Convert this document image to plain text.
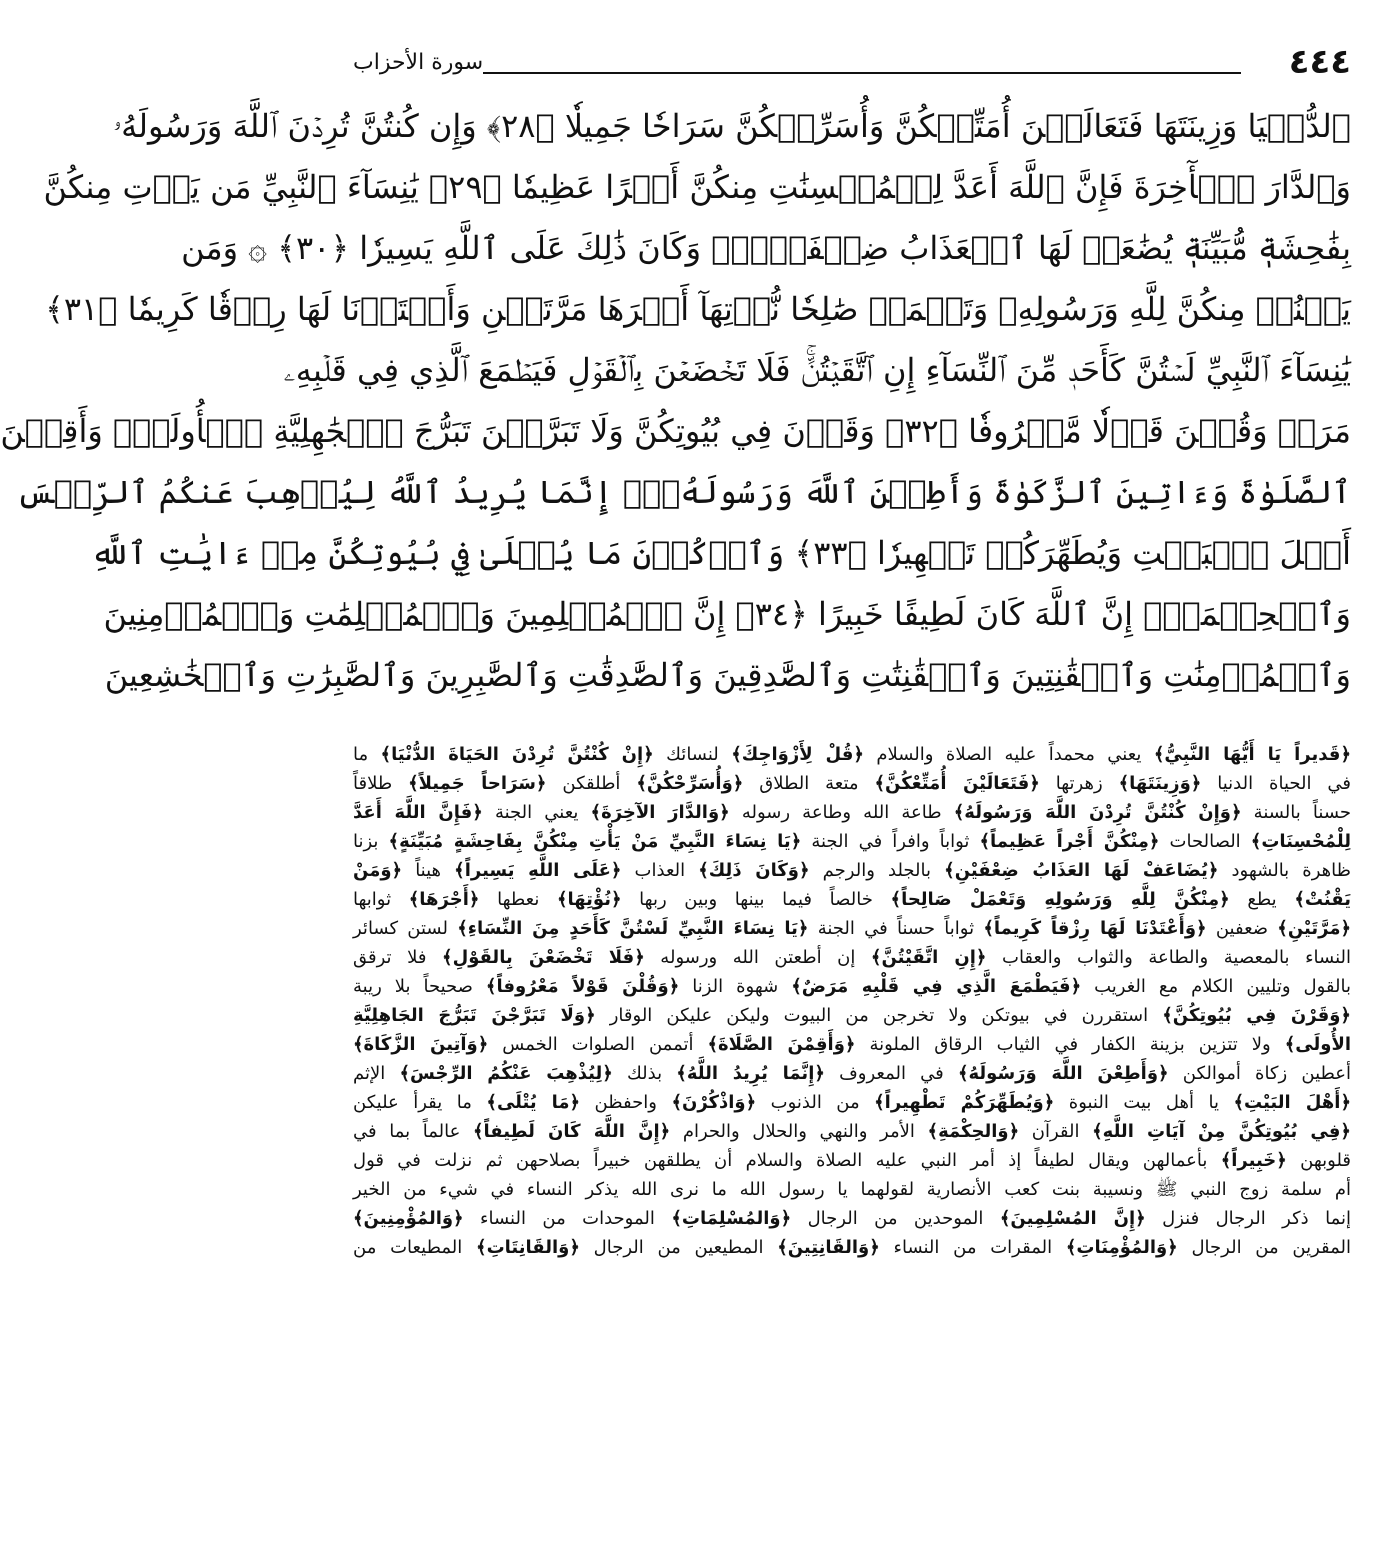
٤٤٤
سورة الأحزاب
ٱلدُّنۡيَا وَزِينَتَهَا فَتَعَالَيۡنَ أُمَتِّعۡكُنَّ وَأُسَرِّحۡكُنَّ سَرَاحٗا جَمِيلٗا ﴿٢٨﴾ وَإِن كُنتُنَّ تُرِدۡنَ ٱللَّهَ وَرَسُولَهُۥ
وَٱلدَّارَ ٱلۡأٓخِرَةَ فَإِنَّ ٱللَّهَ أَعَدَّ لِلۡمُحۡسِنَٰتِ مِنكُنَّ أَجۡرًا عَظِيمٗا ﴿٢٩﴾ يَٰنِسَآءَ ٱلنَّبِيِّ مَن يَأۡتِ مِنكُنَّ
بِفَٰحِشَةٖ مُّبَيِّنَةٖ يُضَٰعَفۡ لَهَا ٱلۡعَذَابُ ضِعۡفَيۡنِۚ وَكَانَ ذَٰلِكَ عَلَى ٱللَّهِ يَسِيرٗا ﴿٣٠﴾ ۞ وَمَن
يَقۡنُتۡ مِنكُنَّ لِلَّهِ وَرَسُولِهِۦ وَتَعۡمَلۡ صَٰلِحٗا نُّؤۡتِهَآ أَجۡرَهَا مَرَّتَيۡنِ وَأَعۡتَدۡنَا لَهَا رِزۡقٗا كَرِيمٗا ﴿٣١﴾
يَٰنِسَآءَ ٱلنَّبِيِّ لَسۡتُنَّ كَأَحَدٖ مِّنَ ٱلنِّسَآءِ إِنِ ٱتَّقَيۡتُنَّۚ فَلَا تَخۡضَعۡنَ بِٱلۡقَوۡلِ فَيَطۡمَعَ ٱلَّذِي فِي قَلۡبِهِۦ
مَرَضٞ وَقُلۡنَ قَوۡلٗا مَّعۡرُوفٗا ﴿٣٢﴾ وَقَرۡنَ فِي بُيُوتِكُنَّ وَلَا تَبَرَّجۡنَ تَبَرُّجَ ٱلۡجَٰهِلِيَّةِ ٱلۡأُولَىٰۖ وَأَقِمۡنَ
ٱلصَّلَوٰةَ وَءَاتِينَ ٱلزَّكَوٰةَ وَأَطِعۡنَ ٱللَّهَ وَرَسُولَهُۥٓۚ إِنَّمَا يُرِيدُ ٱللَّهُ لِيُذۡهِبَ عَنكُمُ ٱلرِّجۡسَ
أَهۡلَ ٱلۡبَيۡتِ وَيُطَهِّرَكُمۡ تَطۡهِيرٗا ﴿٣٣﴾ وَٱذۡكُرۡنَ مَا يُتۡلَىٰ فِي بُيُوتِكُنَّ مِنۡ ءَايَٰتِ ٱللَّهِ
وَٱلۡحِكۡمَةِۚ إِنَّ ٱللَّهَ كَانَ لَطِيفًا خَبِيرًا ﴿٣٤﴾ إِنَّ ٱلۡمُسۡلِمِينَ وَٱلۡمُسۡلِمَٰتِ وَٱلۡمُؤۡمِنِينَ
وَٱلۡمُؤۡمِنَٰتِ وَٱلۡقَٰنِتِينَ وَٱلۡقَٰنِتَٰتِ وَٱلصَّٰدِقِينَ وَٱلصَّٰدِقَٰتِ وَٱلصَّٰبِرِينَ وَٱلصَّٰبِرَٰتِ وَٱلۡخَٰشِعِينَ
﴿قَديراً يَا أَيُّهَا النَّبِيُّ﴾ يعني محمداً عليه الصلاة والسلام ﴿قُلْ لِأَزْوَاجِكَ﴾ لنسائك ﴿إِنْ كُنْتُنَّ تُرِدْنَ الحَيَاةَ الدُّنْيَا﴾ ما
في الحياة الدنيا ﴿وَزِينَتَهَا﴾ زهرتها ﴿فَتَعَالَيْنَ أُمَتِّعْكُنَّ﴾ متعة الطلاق ﴿وَأُسَرِّحْكُنَّ﴾ أطلقكن ﴿سَرَاحاً جَمِيلاً﴾ طلاقاً
حسناً بالسنة ﴿وَإِنْ كُنْتُنَّ تُرِدْنَ اللَّهَ وَرَسُولَهُ﴾ طاعة الله وطاعة رسوله ﴿وَالدَّارَ الآخِرَةَ﴾ يعني الجنة ﴿فَإِنَّ اللَّهَ أَعَدَّ
لِلْمُحْسِنَاتِ﴾ الصالحات ﴿مِنْكُنَّ أَجْراً عَظِيماً﴾ ثواباً وافراً في الجنة ﴿يَا نِسَاءَ النَّبِيِّ مَنْ يَأْتِ مِنْكُنَّ بِفَاحِشَةٍ مُبَيِّنَةٍ﴾ بزنا
ظاهرة بالشهود ﴿يُضَاعَفْ لَهَا العَذَابُ ضِعْفَيْنِ﴾ بالجلد والرجم ﴿وَكَانَ ذَلِكَ﴾ العذاب ﴿عَلَى اللَّهِ يَسِيراً﴾ هيناً ﴿وَمَنْ
يَقْنُتْ﴾ يطع ﴿مِنْكُنَّ لِلَّهِ وَرَسُولِهِ وَتَعْمَلْ صَالِحاً﴾ خالصاً فيما بينها وبين ربها ﴿نُؤْتِهَا﴾ نعطها ﴿أَجْرَهَا﴾ ثوابها
﴿مَرَّتَيْنِ﴾ ضعفين ﴿وَأَعْتَدْنَا لَهَا رِزْقاً كَرِيماً﴾ ثواباً حسناً في الجنة ﴿يَا نِسَاءَ النَّبِيِّ لَسْتُنَّ كَأَحَدٍ مِنَ النِّسَاءِ﴾ لستن كسائر
النساء بالمعصية والطاعة والثواب والعقاب ﴿إِنِ اتَّقَيْتُنَّ﴾ إن أطعتن الله ورسوله ﴿فَلَا تَخْضَعْنَ بِالقَوْلِ﴾ فلا ترقق
بالقول وتليين الكلام مع الغريب ﴿فَيَطْمَعَ الَّذِي فِي قَلْبِهِ مَرَضٌ﴾ شهوة الزنا ﴿وَقُلْنَ قَوْلاً مَعْرُوفاً﴾ صحيحاً بلا ريبة
﴿وَقَرْنَ فِي بُيُوتِكُنَّ﴾ استقررن في بيوتكن ولا تخرجن من البيوت وليكن عليكن الوقار ﴿وَلَا تَبَرَّجْنَ تَبَرُّجَ الجَاهِلِيَّةِ
الأُولَى﴾ ولا تتزين بزينة الكفار في الثياب الرقاق الملونة ﴿وَأَقِمْنَ الصَّلَاةَ﴾ أتممن الصلوات الخمس ﴿وَآتِينَ الزَّكَاةَ﴾
أعطين زكاة أموالكن ﴿وَأَطِعْنَ اللَّهَ وَرَسُولَهُ﴾ في المعروف ﴿إِنَّمَا يُرِيدُ اللَّهُ﴾ بذلك ﴿لِيُذْهِبَ عَنْكُمُ الرِّجْسَ﴾ الإثم
﴿أَهْلَ البَيْتِ﴾ يا أهل بيت النبوة ﴿وَيُطَهِّرَكُمْ تَطْهِيراً﴾ من الذنوب ﴿وَاذْكُرْنَ﴾ واحفظن ﴿مَا يُتْلَى﴾ ما يقرأ عليكن
﴿فِي بُيُوتِكُنَّ مِنْ آيَاتِ اللَّهِ﴾ القرآن ﴿وَالحِكْمَةِ﴾ الأمر والنهي والحلال والحرام ﴿إِنَّ اللَّهَ كَانَ لَطِيفاً﴾ عالماً بما في
قلوبهن ﴿خَبِيراً﴾ بأعمالهن ويقال لطيفاً إذ أمر النبي عليه الصلاة والسلام أن يطلقهن خبيراً بصلاحهن ثم نزلت في قول
أم سلمة زوج النبي ﷺ ونسيبة بنت كعب الأنصارية لقولهما يا رسول الله ما نرى الله يذكر النساء في شيء من الخير
إنما ذكر الرجال فنزل ﴿إِنَّ المُسْلِمِينَ﴾ الموحدين من الرجال ﴿وَالمُسْلِمَاتِ﴾ الموحدات من النساء ﴿وَالمُؤْمِنِينَ﴾
المقرين من الرجال ﴿وَالمُؤْمِنَاتِ﴾ المقرات من النساء ﴿وَالقَانِتِينَ﴾ المطيعين من الرجال ﴿وَالقَانِتَاتِ﴾ المطيعات من
